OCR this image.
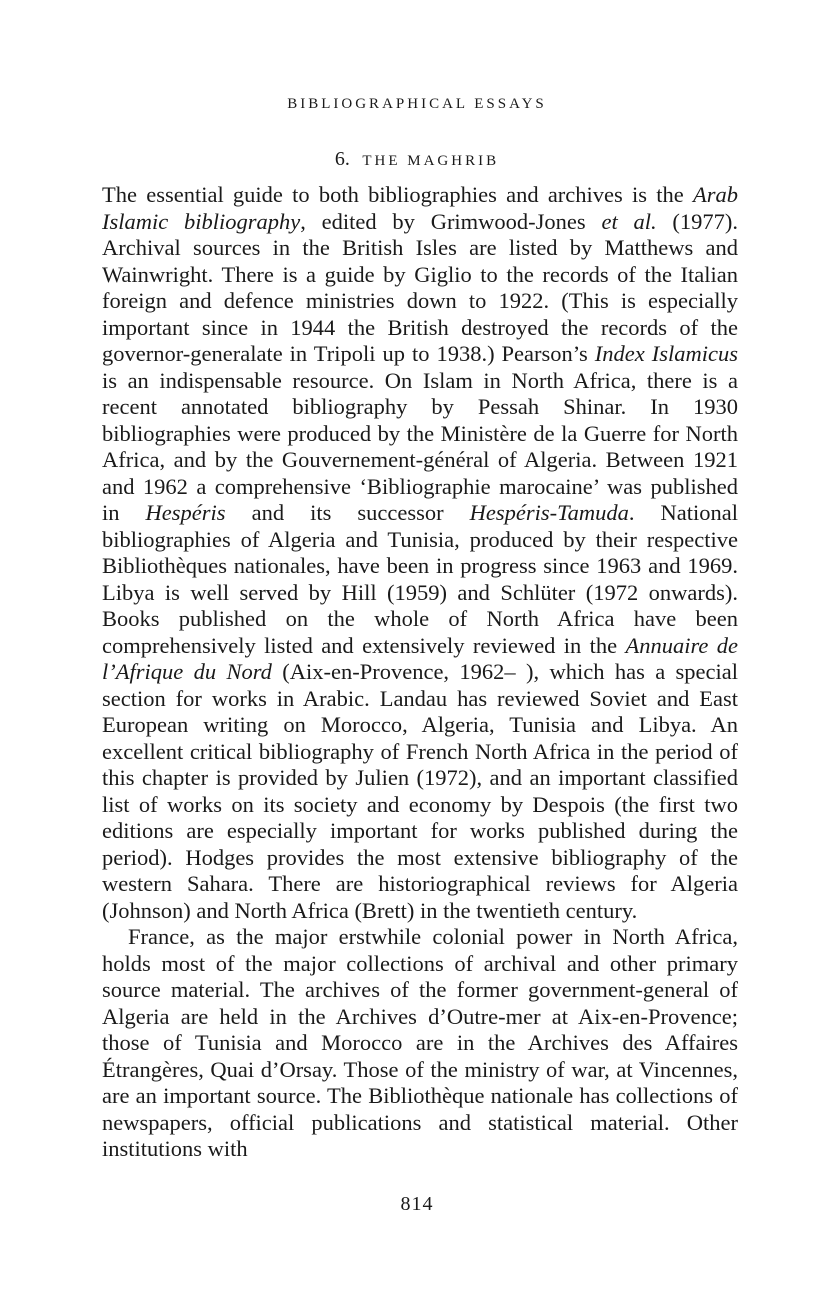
BIBLIOGRAPHICAL ESSAYS
6. THE MAGHRIB

The essential guide to both bibliographies and archives is the Arab Islamic bibliography, edited by Grimwood-Jones et al. (1977). Archival sources in the British Isles are listed by Matthews and Wainwright. There is a guide by Giglio to the records of the Italian foreign and defence ministries down to 1922. (This is especially important since in 1944 the British destroyed the records of the governor-generalate in Tripoli up to 1938.) Pearson’s Index Islamicus is an indispensable resource. On Islam in North Africa, there is a recent annotated bibliography by Pessah Shinar. In 1930 bibliographies were produced by the Ministère de la Guerre for North Africa, and by the Gouvernement-général of Algeria. Between 1921 and 1962 a comprehensive ‘Bibliographie marocaine’ was published in Hespéris and its successor Hespéris-Tamuda. National bibliographies of Algeria and Tunisia, produced by their respective Bibliothèques nationales, have been in progress since 1963 and 1969. Libya is well served by Hill (1959) and Schlüter (1972 onwards). Books published on the whole of North Africa have been comprehensively listed and extensively reviewed in the Annuaire de l’Afrique du Nord (Aix-en-Provence, 1962– ), which has a special section for works in Arabic. Landau has reviewed Soviet and East European writing on Morocco, Algeria, Tunisia and Libya. An excellent critical bibliography of French North Africa in the period of this chapter is provided by Julien (1972), and an important classified list of works on its society and economy by Despois (the first two editions are especially important for works published during the period). Hodges provides the most extensive bibliography of the western Sahara. There are historiographical reviews for Algeria (Johnson) and North Africa (Brett) in the twentieth century.

France, as the major erstwhile colonial power in North Africa, holds most of the major collections of archival and other primary source material. The archives of the former government-general of Algeria are held in the Archives d’Outre-mer at Aix-en-Provence; those of Tunisia and Morocco are in the Archives des Affaires Étrangères, Quai d’Orsay. Those of the ministry of war, at Vincennes, are an important source. The Bibliothèque nationale has collections of newspapers, official publications and statistical material. Other institutions with

814
